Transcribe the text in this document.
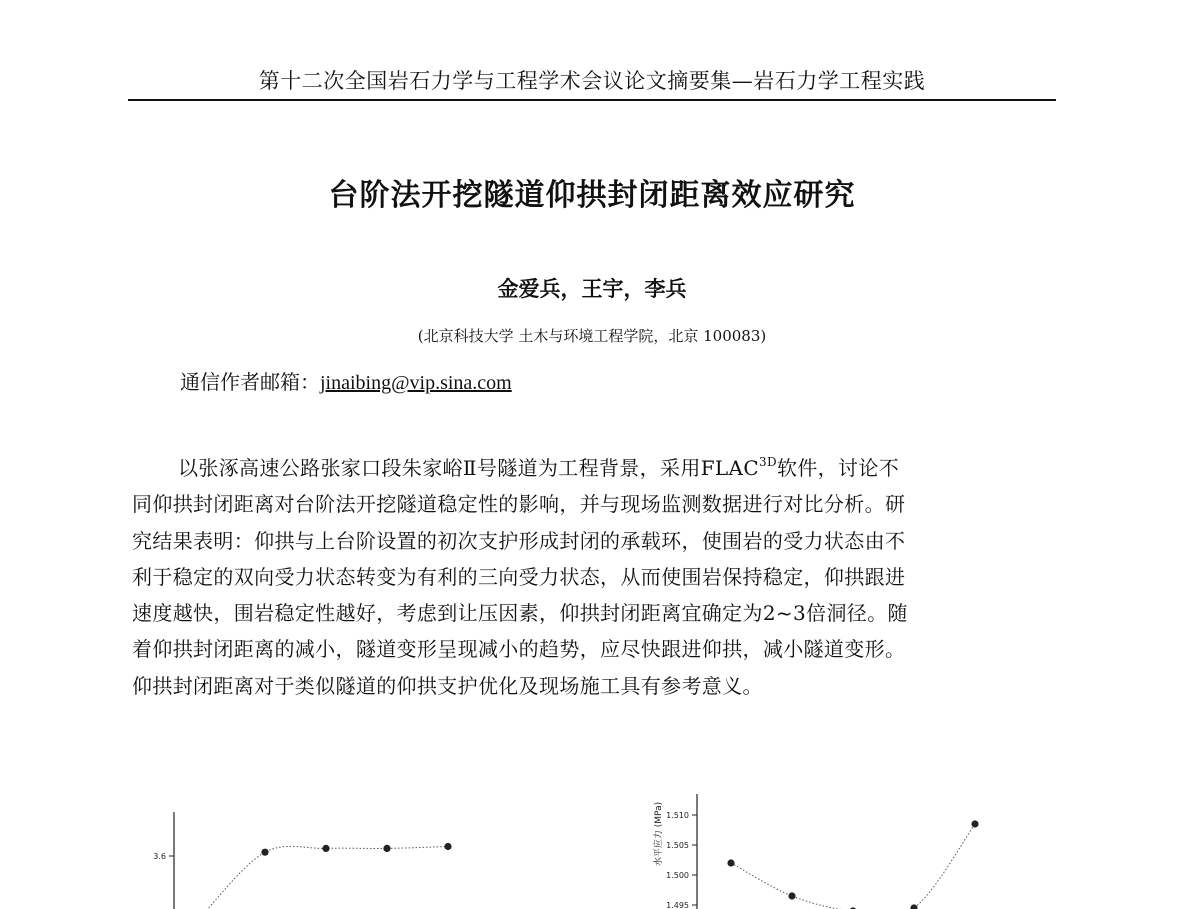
第十二次全国岩石力学与工程学术会议论文摘要集—岩石力学工程实践
台阶法开挖隧道仰拱封闭距离效应研究
金爱兵，王宇，李兵
(北京科技大学 土木与环境工程学院，北京 100083)
通信作者邮箱：jinaibing@vip.sina.com
以张涿高速公路张家口段朱家峪Ⅱ号隧道为工程背景，采用$FLAC^{3D}$软件，讨论不
同仰拱封闭距离对台阶法开挖隧道稳定性的影响，并与现场监测数据进行对比分析。研
究结果表明：仰拱与上台阶设置的初次支护形成封闭的承载环，使围岩的受力状态由不
利于稳定的双向受力状态转变为有利的三向受力状态，从而使围岩保持稳定，仰拱跟进
速度越快，围岩稳定性越好，考虑到让压因素，仰拱封闭距离宜确定为2~3倍洞径。随
着仰拱封闭距离的减小，隧道变形呈现减小的趋势，应尽快跟进仰拱，减小隧道变形。
仰拱封闭距离对于类似隧道的仰拱支护优化及现场施工具有参考意义。
3.6
1.510
1.505
1.500
1.495
水平应力 (MPa)
